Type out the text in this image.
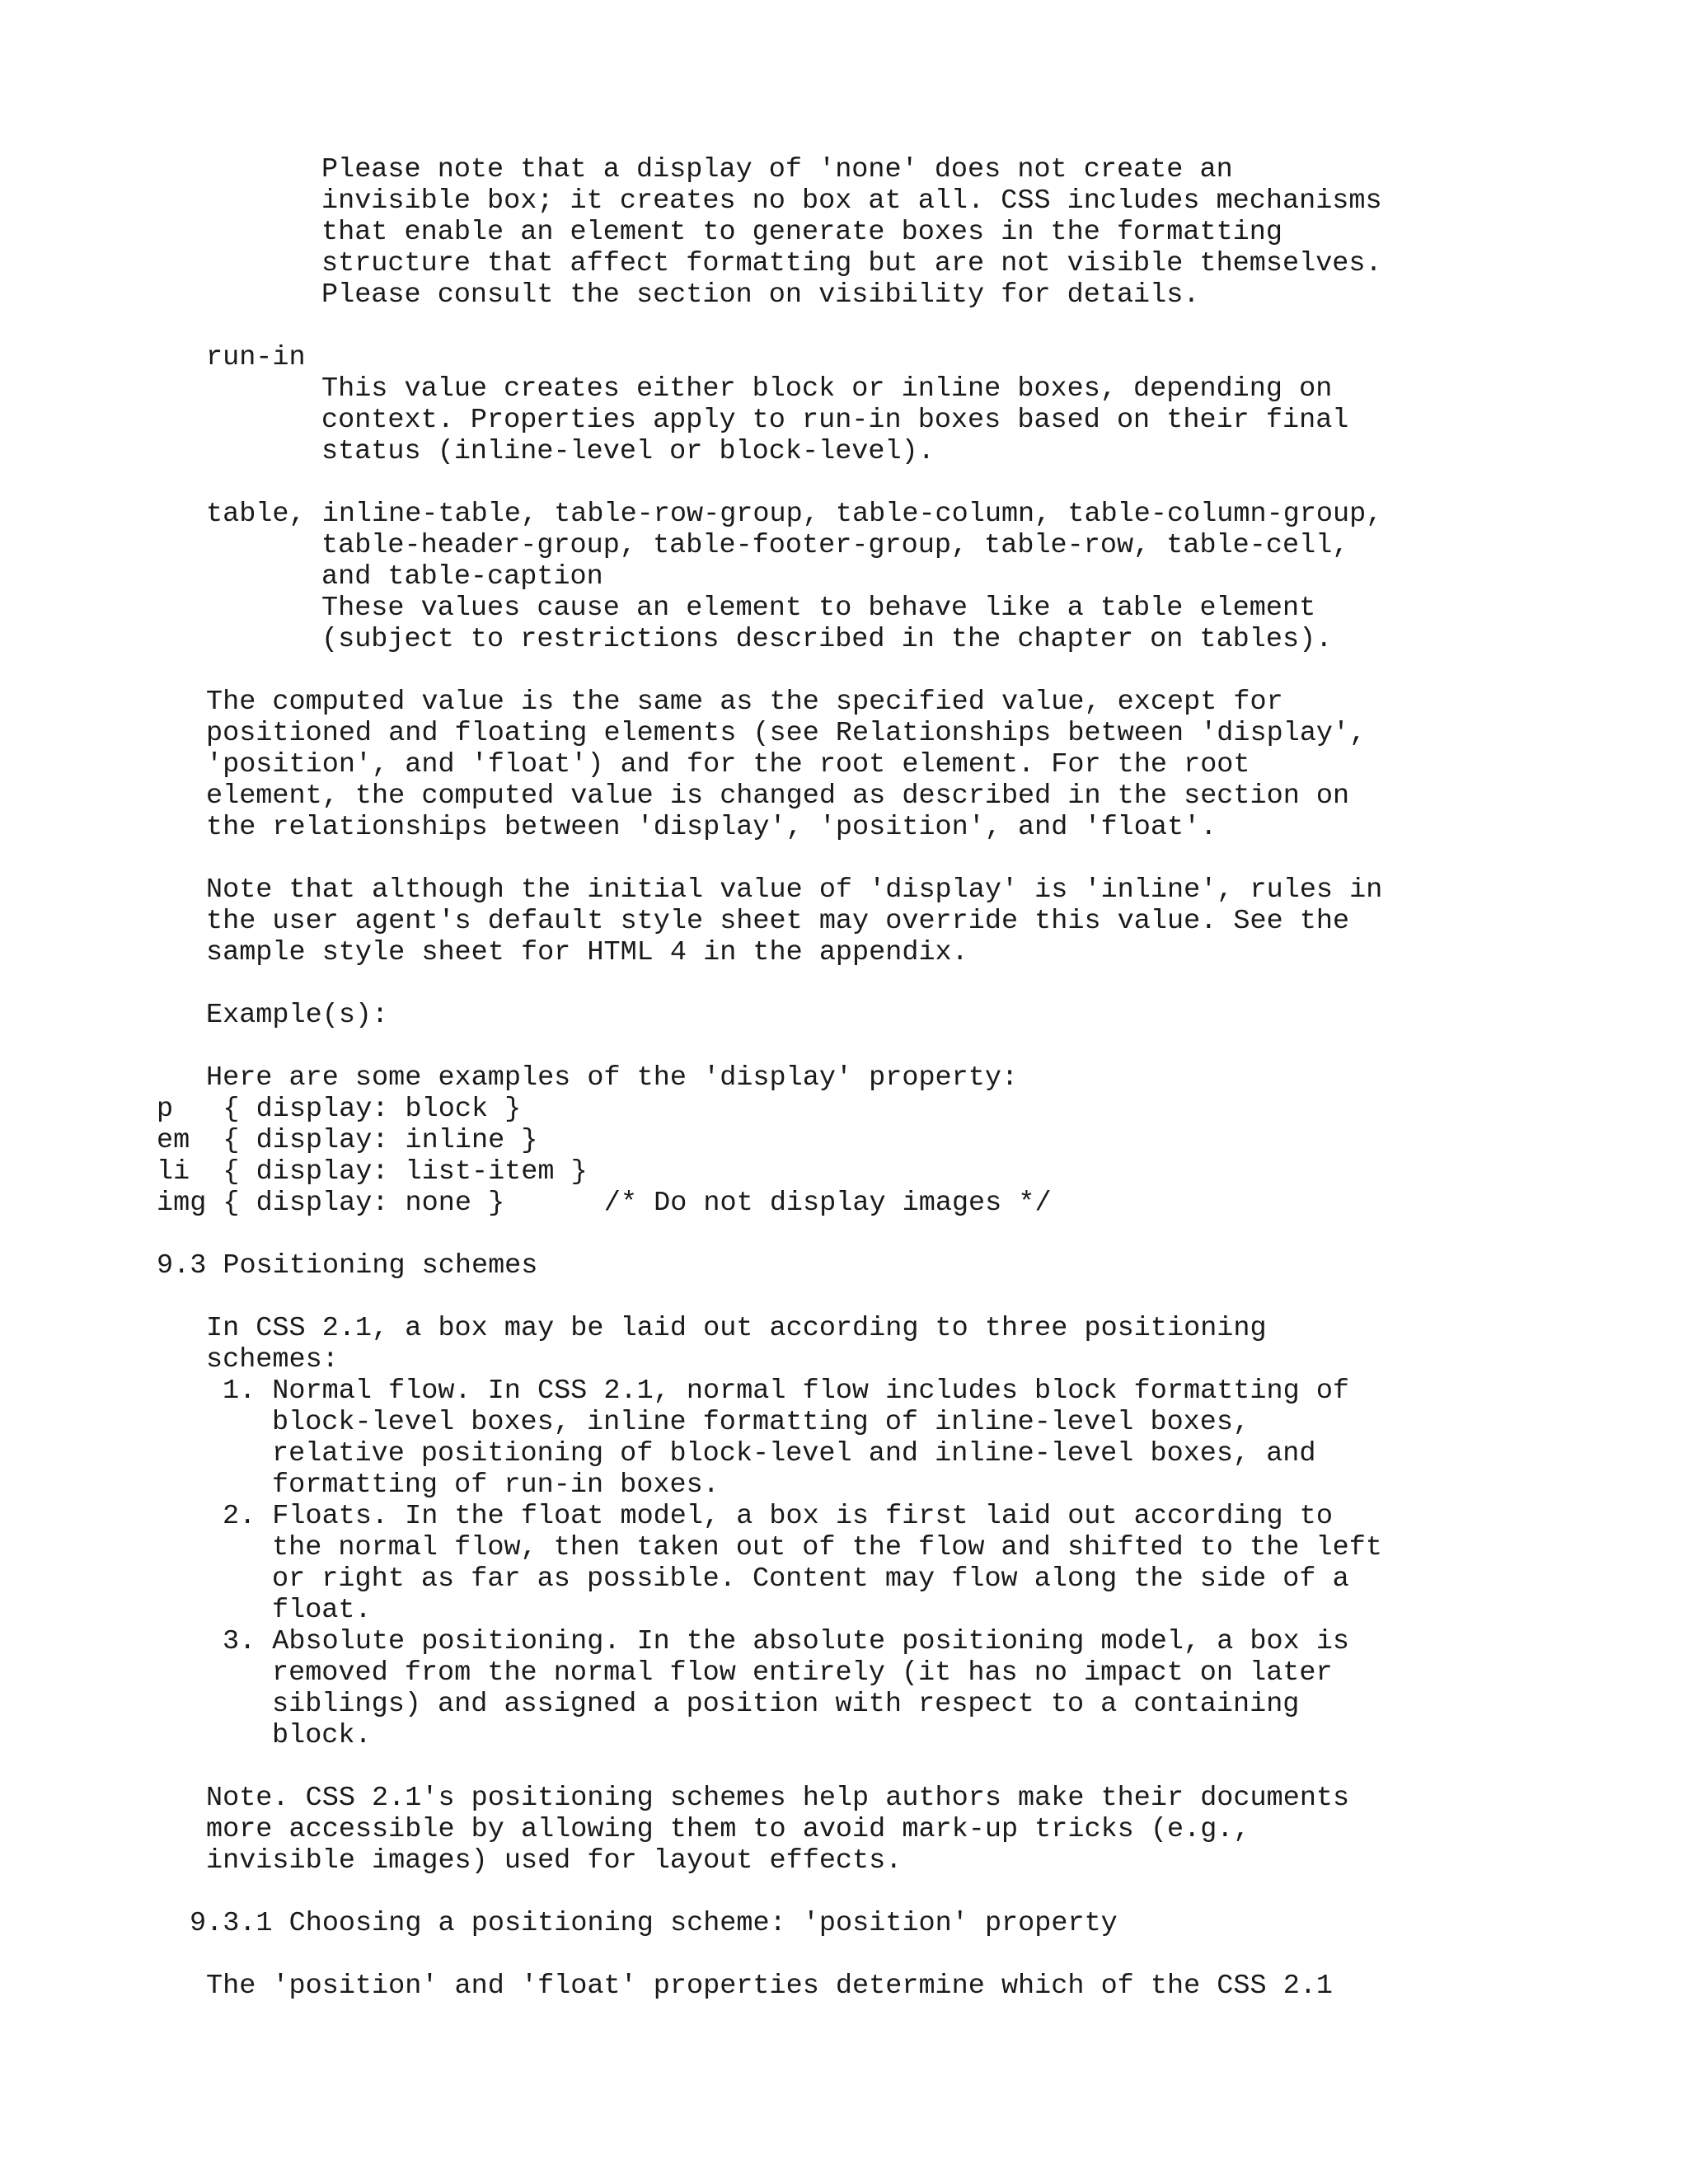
Please note that a display of 'none' does not create an
invisible box; it creates no box at all. CSS includes mechanisms
that enable an element to generate boxes in the formatting
structure that affect formatting but are not visible themselves.
Please consult the section on visibility for details.
run-in
This value creates either block or inline boxes, depending on
context. Properties apply to run-in boxes based on their final
status (inline-level or block-level).
table, inline-table, table-row-group, table-column, table-column-group,
table-header-group, table-footer-group, table-row, table-cell,
and table-caption
These values cause an element to behave like a table element
(subject to restrictions described in the chapter on tables).
The computed value is the same as the specified value, except for
positioned and floating elements (see Relationships between 'display',
'position', and 'float') and for the root element. For the root
element, the computed value is changed as described in the section on
the relationships between 'display', 'position', and 'float'.
Note that although the initial value of 'display' is 'inline', rules in
the user agent's default style sheet may override this value. See the
sample style sheet for HTML 4 in the appendix.
Example(s):
Here are some examples of the 'display' property:
p   { display: block }
em  { display: inline }
li  { display: list-item }
img { display: none }      /* Do not display images */
9.3 Positioning schemes
In CSS 2.1, a box may be laid out according to three positioning
schemes:
1. Normal flow. In CSS 2.1, normal flow includes block formatting of
block-level boxes, inline formatting of inline-level boxes,
relative positioning of block-level and inline-level boxes, and
formatting of run-in boxes.
2. Floats. In the float model, a box is first laid out according to
the normal flow, then taken out of the flow and shifted to the left
or right as far as possible. Content may flow along the side of a
float.
3. Absolute positioning. In the absolute positioning model, a box is
removed from the normal flow entirely (it has no impact on later
siblings) and assigned a position with respect to a containing
block.
Note. CSS 2.1's positioning schemes help authors make their documents
more accessible by allowing them to avoid mark-up tricks (e.g.,
invisible images) used for layout effects.
9.3.1 Choosing a positioning scheme: 'position' property
The 'position' and 'float' properties determine which of the CSS 2.1
